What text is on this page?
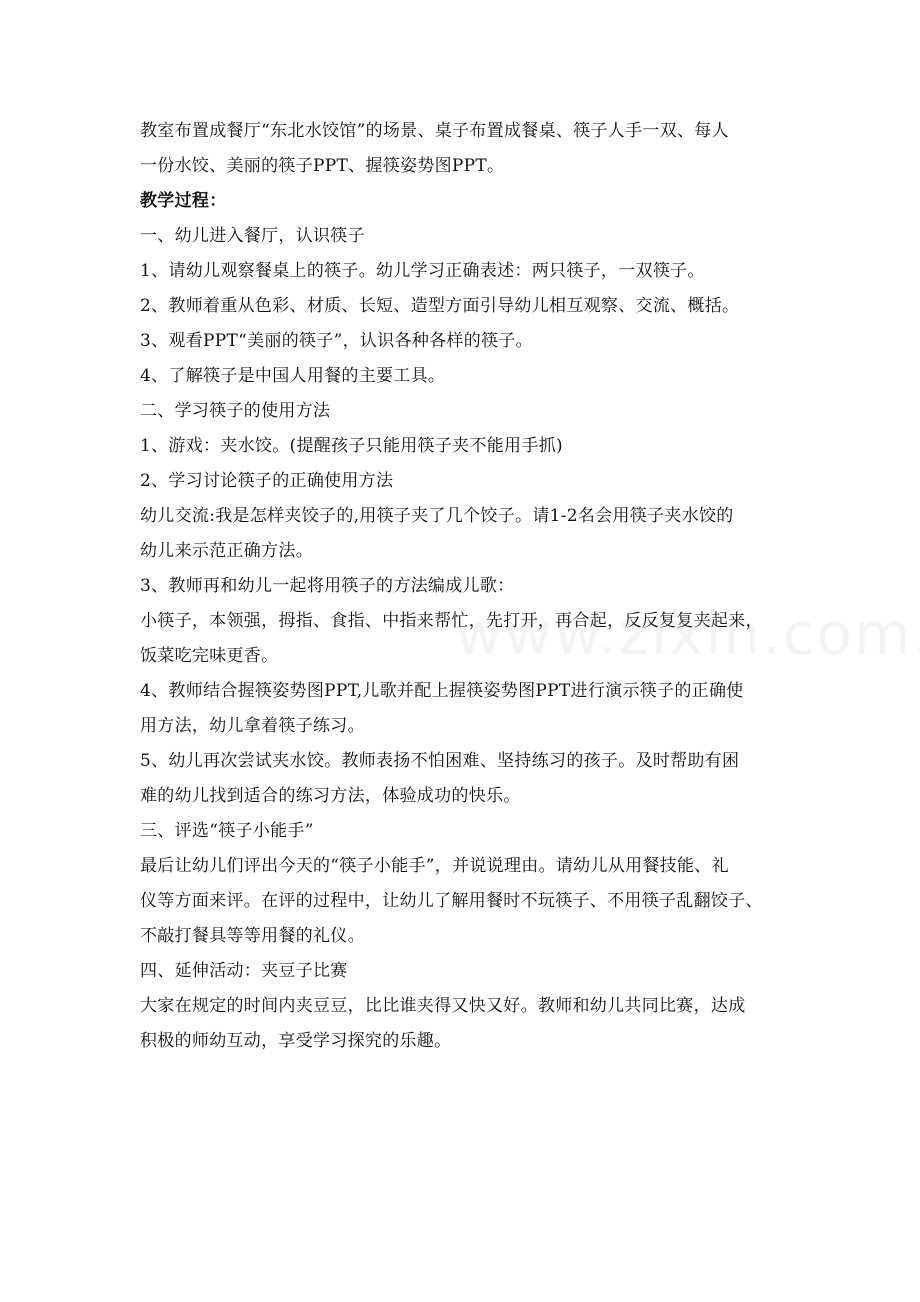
教室布置成餐厅“东北水饺馆”的场景、桌子布置成餐桌、筷子人手一双、每人
一份水饺、美丽的筷子PPT、握筷姿势图PPT。
教学过程：
一、幼儿进入餐厅，认识筷子
1、请幼儿观察餐桌上的筷子。幼儿学习正确表述：两只筷子，一双筷子。
2、教师着重从色彩、材质、长短、造型方面引导幼儿相互观察、交流、概括。
3、观看PPT“美丽的筷子”，认识各种各样的筷子。
4、了解筷子是中国人用餐的主要工具。
二、学习筷子的使用方法
1、游戏：夹水饺。(提醒孩子只能用筷子夹不能用手抓)
2、学习讨论筷子的正确使用方法
幼儿交流:我是怎样夹饺子的,用筷子夹了几个饺子。请1-2名会用筷子夹水饺的
幼儿来示范正确方法。
3、教师再和幼儿一起将用筷子的方法编成儿歌：
小筷子，本领强，拇指、食指、中指来帮忙，先打开，再合起，反反复复夹起来，
饭菜吃完味更香。
4、教师结合握筷姿势图PPT,儿歌并配上握筷姿势图PPT进行演示筷子的正确使
用方法，幼儿拿着筷子练习。
5、幼儿再次尝试夹水饺。教师表扬不怕困难、坚持练习的孩子。及时帮助有困
难的幼儿找到适合的练习方法，体验成功的快乐。
三、评选“筷子小能手”
最后让幼儿们评出今天的“筷子小能手”，并说说理由。请幼儿从用餐技能、礼
仪等方面来评。在评的过程中，让幼儿了解用餐时不玩筷子、不用筷子乱翻饺子、
不敲打餐具等等用餐的礼仪。
四、延伸活动：夹豆子比赛
大家在规定的时间内夹豆豆，比比谁夹得又快又好。教师和幼儿共同比赛，达成
积极的师幼互动，享受学习探究的乐趣。
